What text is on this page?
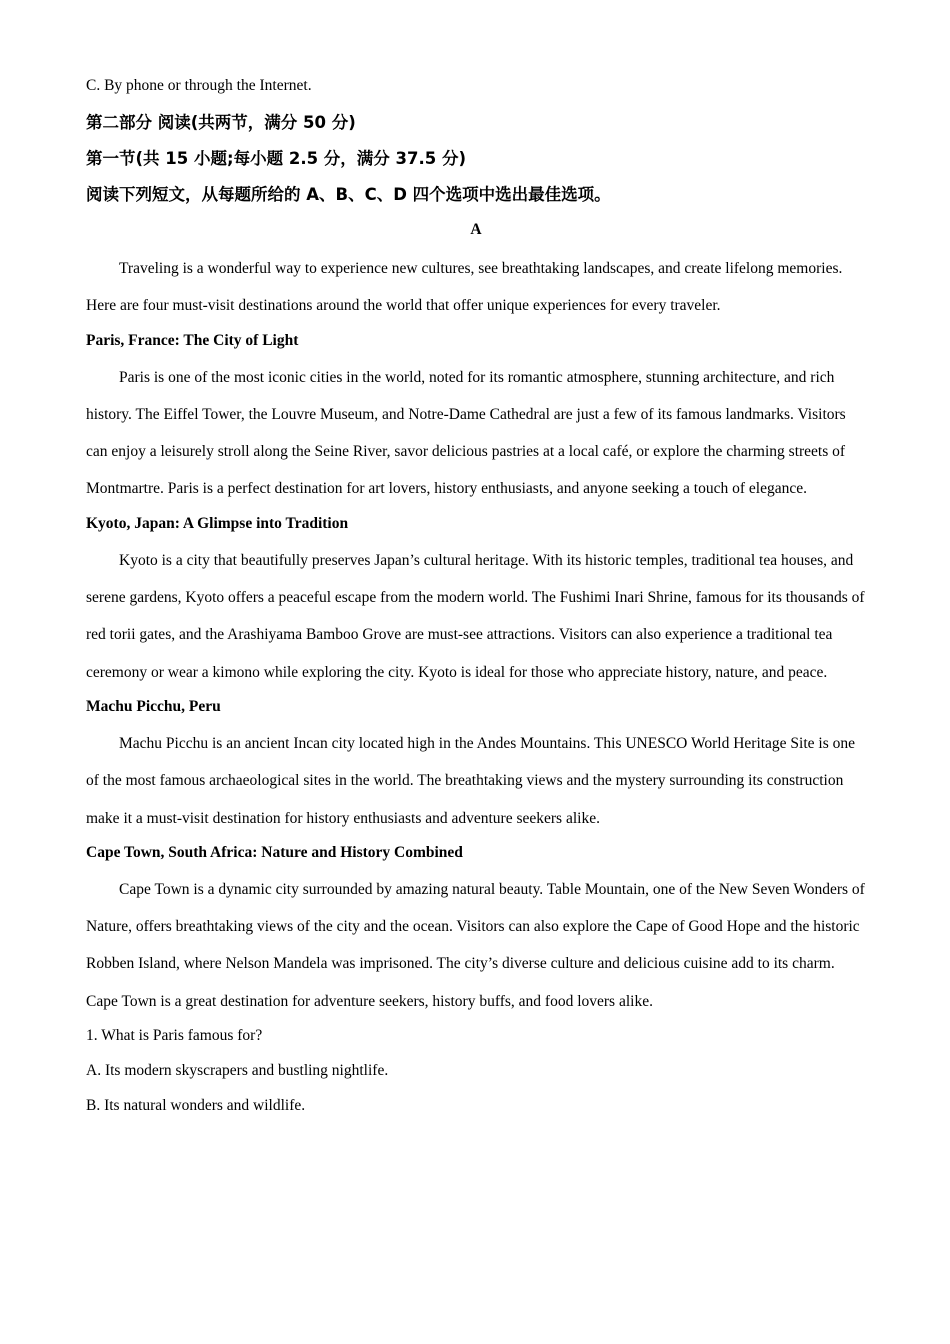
C. By phone or through the Internet.

第二部分 阅读(共两节，满分 50 分)

第一节(共 15 小题;每小题 2.5 分，满分 37.5 分)

阅读下列短文，从每题所给的 A、B、C、D 四个选项中选出最佳选项。

A

Traveling is a wonderful way to experience new cultures, see breathtaking landscapes, and create lifelong memories. Here are four must-visit destinations around the world that offer unique experiences for every traveler.

Paris, France: The City of Light

Paris is one of the most iconic cities in the world, noted for its romantic atmosphere, stunning architecture, and rich history. The Eiffel Tower, the Louvre Museum, and Notre-Dame Cathedral are just a few of its famous landmarks. Visitors can enjoy a leisurely stroll along the Seine River, savor delicious pastries at a local café, or explore the charming streets of Montmartre. Paris is a perfect destination for art lovers, history enthusiasts, and anyone seeking a touch of elegance.

Kyoto, Japan: A Glimpse into Tradition

Kyoto is a city that beautifully preserves Japan’s cultural heritage. With its historic temples, traditional tea houses, and serene gardens, Kyoto offers a peaceful escape from the modern world. The Fushimi Inari Shrine, famous for its thousands of red torii gates, and the Arashiyama Bamboo Grove are must-see attractions. Visitors can also experience a traditional tea ceremony or wear a kimono while exploring the city. Kyoto is ideal for those who appreciate history, nature, and peace.

Machu Picchu, Peru

Machu Picchu is an ancient Incan city located high in the Andes Mountains. This UNESCO World Heritage Site is one of the most famous archaeological sites in the world. The breathtaking views and the mystery surrounding its construction make it a must-visit destination for history enthusiasts and adventure seekers alike.

Cape Town, South Africa: Nature and History Combined

Cape Town is a dynamic city surrounded by amazing natural beauty. Table Mountain, one of the New Seven Wonders of Nature, offers breathtaking views of the city and the ocean. Visitors can also explore the Cape of Good Hope and the historic Robben Island, where Nelson Mandela was imprisoned. The city’s diverse culture and delicious cuisine add to its charm. Cape Town is a great destination for adventure seekers, history buffs, and food lovers alike.

1. What is Paris famous for?

A. Its modern skyscrapers and bustling nightlife.

B. Its natural wonders and wildlife.
